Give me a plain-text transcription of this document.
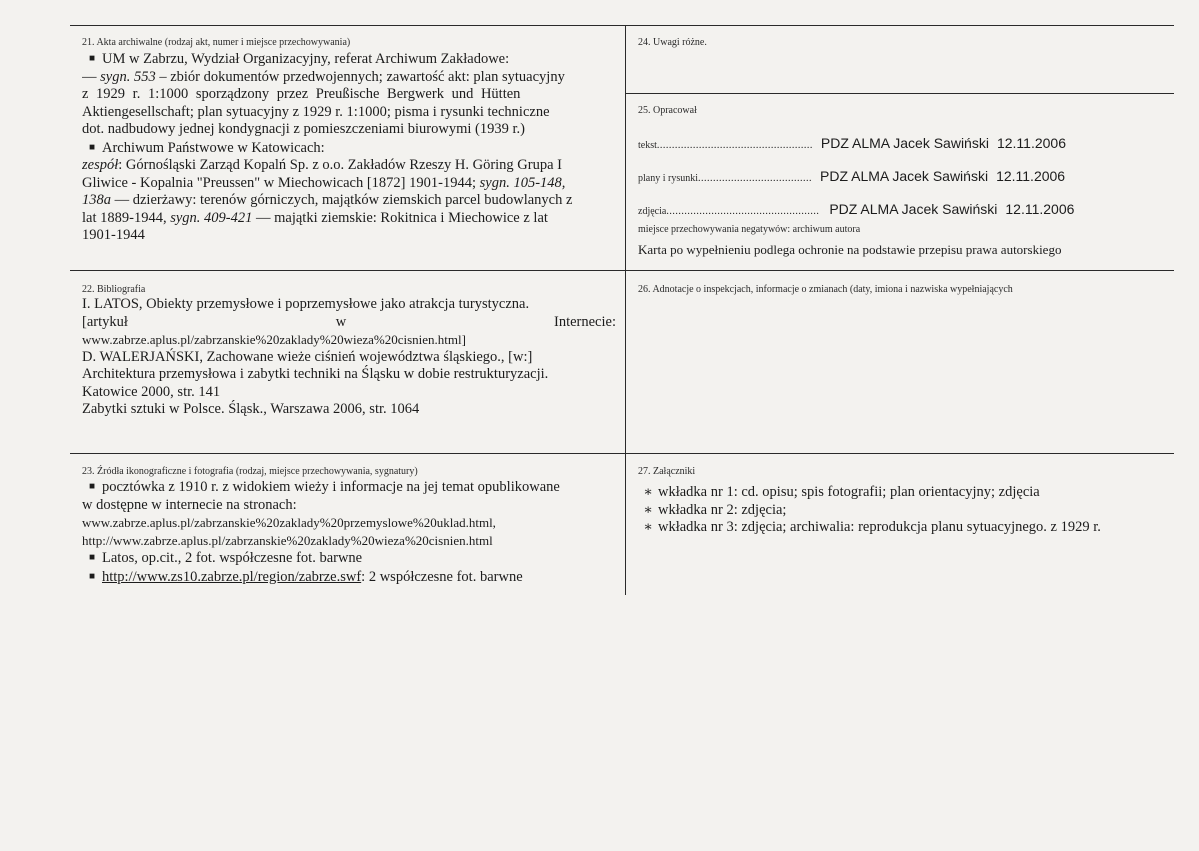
21. Akta archiwalne (rodzaj akt, numer i miejsce przechowywania)
■ UM w Zabrzu, Wydział Organizacyjny, referat Archiwum Zakładowe:
— sygn. 553 – zbiór dokumentów przedwojennych; zawartość akt: plan sytuacyjny
z 1929 r. 1:1000 sporządzony przez Preußische Bergwerk und Hütten
Aktiengesellschaft; plan sytuacyjny z 1929 r. 1:1000; pisma i rysunki techniczne
dot. nadbudowy jednej kondygnacji z pomieszczeniami biurowymi (1939 r.)
■ Archiwum Państwowe w Katowicach:
zespół: Górnośląski Zarząd Kopalń Sp. z o.o. Zakładów Rzeszy H. Göring Grupa I
Gliwice - Kopalnia "Preussen" w Miechowicach [1872] 1901-1944; sygn. 105-148,
138a — dzierżawy: terenów górniczych, majątków ziemskich parcel budowlanych z
lat 1889-1944, sygn. 409-421 — majątki ziemskie: Rokitnica i Miechowice z lat
1901-1944
22. Bibliografia
I. LATOS, Obiekty przemysłowe i poprzemysłowe jako atrakcja turystyczna.
[artykuł	w	Internecie:
www.zabrze.aplus.pl/zabrzanskie%20zaklady%20wieza%20cisnien.html]
D. WALERJAŃSKI, Zachowane wieże ciśnień województwa śląskiego., [w:]
Architektura przemysłowa i zabytki techniki na Śląsku w dobie restrukturyzacji.
Katowice 2000, str. 141
Zabytki sztuki w Polsce. Śląsk., Warszawa 2006, str. 1064
23. Źródła ikonograficzne i fotografia (rodzaj, miejsce przechowywania, sygnatury)
■ pocztówka z 1910 r. z widokiem wieży i informacje na jej temat opublikowane
w dostępne w internecie na stronach:
www.zabrze.aplus.pl/zabrzanskie%20zaklady%20przemyslowe%20uklad.html,
http://www.zabrze.aplus.pl/zabrzanskie%20zaklady%20wieza%20cisnien.html
■ Latos, op.cit., 2 fot. współczesne fot. barwne
■ http://www.zs10.zabrze.pl/region/zabrze.swf: 2 współczesne fot. barwne
24. Uwagi różne.
25. Opracował
tekst.................................................... PDZ ALMA Jacek Sawiński 12.11.2006
plany i rysunki...................................... PDZ ALMA Jacek Sawiński 12.11.2006
zdjęcia................................................... PDZ ALMA Jacek Sawiński 12.11.2006
miejsce przechowywania negatywów: archiwum autora
Karta po wypełnieniu podlega ochronie na podstawie przepisu prawa autorskiego
26. Adnotacje o inspekcjach, informacje o zmianach (daty, imiona i nazwiska wypełniających
27. Załączniki
∗ wkładka nr 1: cd. opisu; spis fotografii; plan orientacyjny; zdjęcia
∗ wkładka nr 2: zdjęcia;
∗ wkładka nr 3: zdjęcia; archiwalia: reprodukcja planu sytuacyjnego. z 1929 r.
